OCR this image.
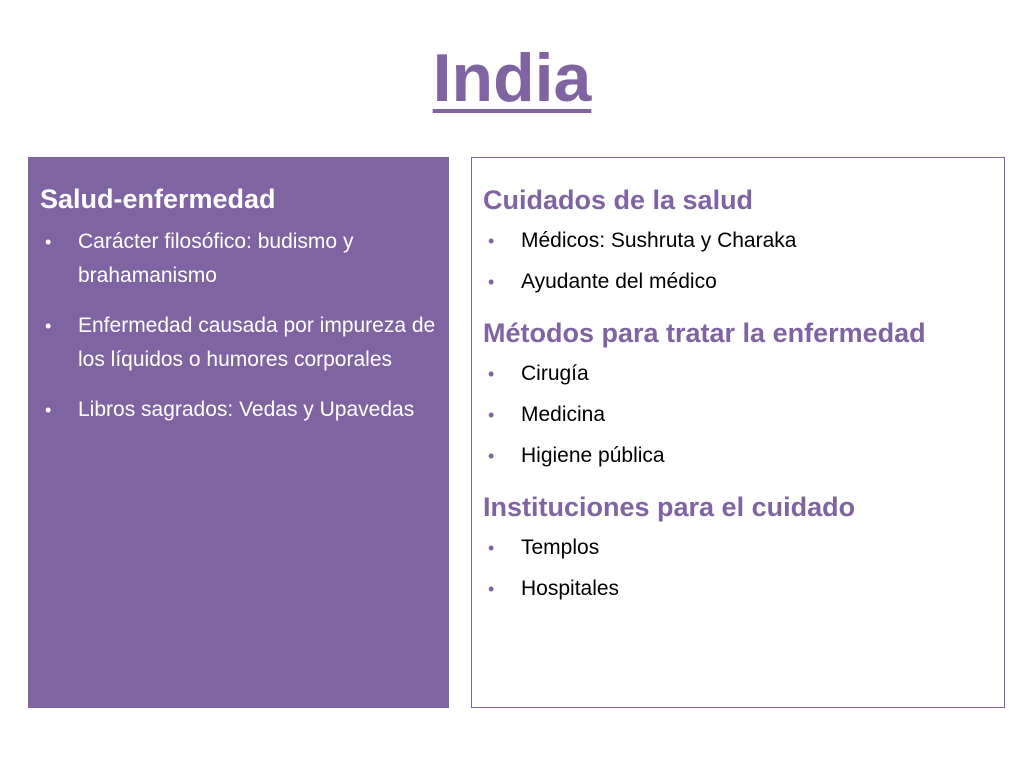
India
Salud-enfermedad
• Carácter filosófico: budismo y brahamanismo
• Enfermedad causada por impureza de los líquidos o humores corporales
• Libros sagrados: Vedas y Upavedas
Cuidados de la salud
• Médicos: Sushruta y Charaka
• Ayudante del médico
Métodos para tratar la enfermedad
• Cirugía
• Medicina
• Higiene pública
Instituciones para el cuidado
• Templos
• Hospitales
